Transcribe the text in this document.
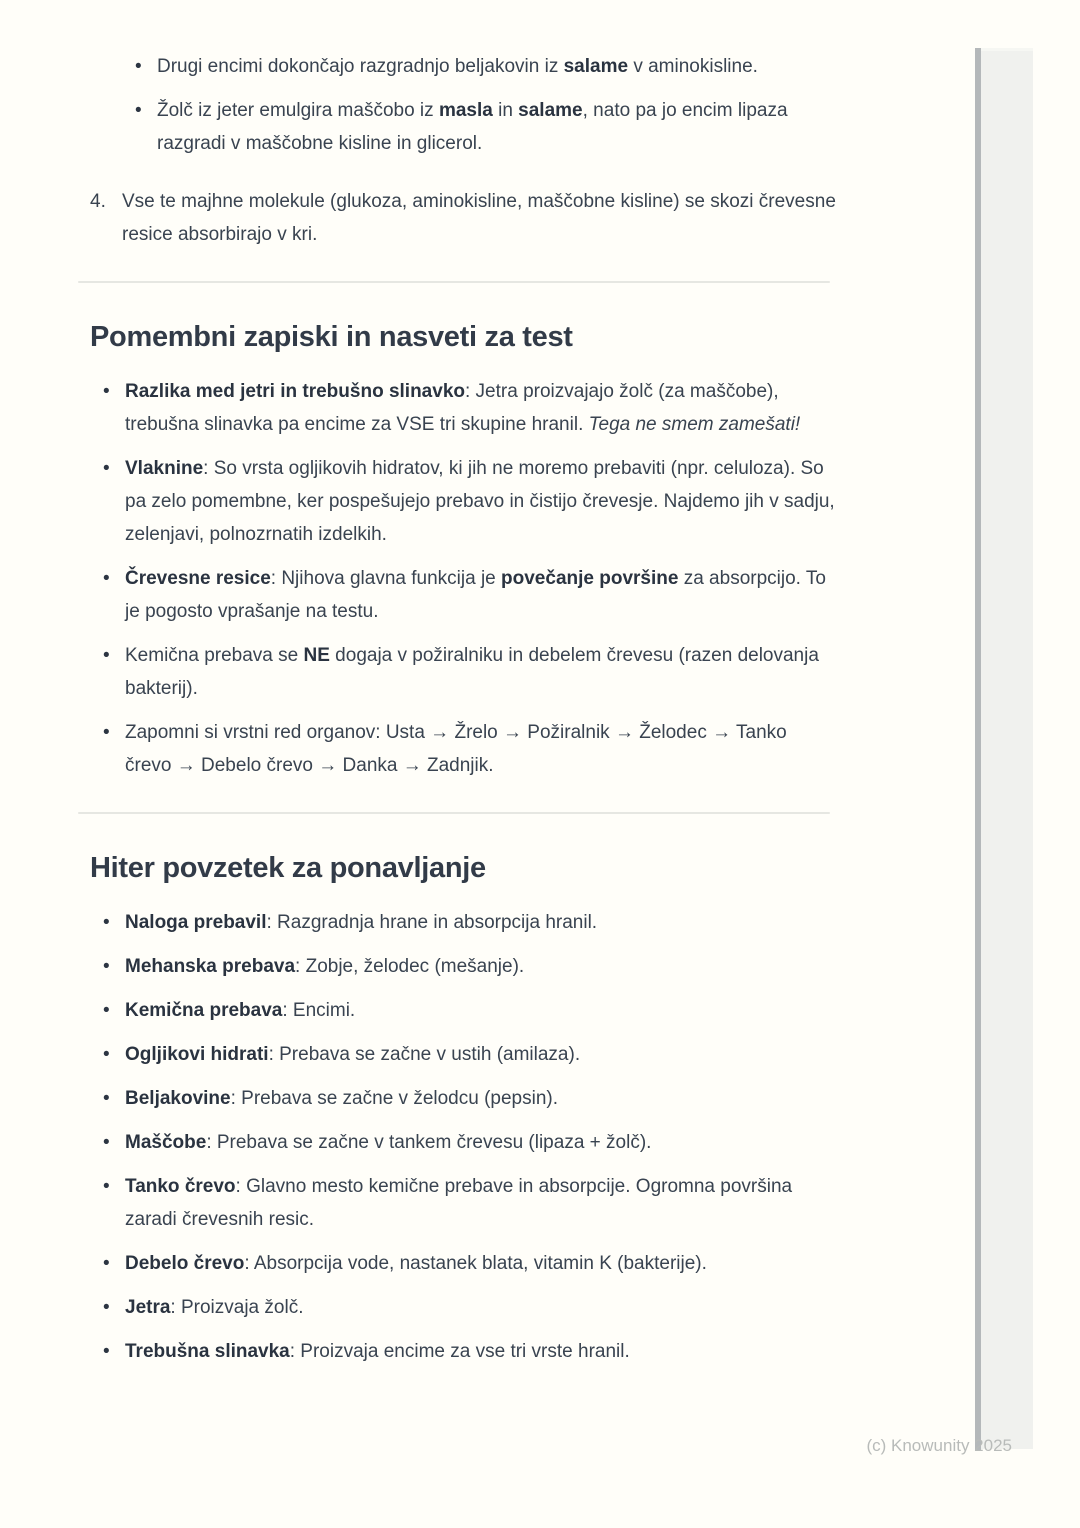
• Drugi encimi dokončajo razgradnjo beljakovin iz salame v aminokisline.
• Žolč iz jeter emulgira maščobo iz masla in salame, nato pa jo encim lipaza razgradi v maščobne kisline in glicerol.
4. Vse te majhne molekule (glukoza, aminokisline, maščobne kisline) se skozi črevesne resice absorbirajo v kri.
Pomembni zapiski in nasveti za test
• Razlika med jetri in trebušno slinavko: Jetra proizvajajo žolč (za maščobe), trebušna slinavka pa encime za VSE tri skupine hranil. Tega ne smem zamešati!
• Vlaknine: So vrsta ogljikovih hidratov, ki jih ne moremo prebaviti (npr. celuloza). So pa zelo pomembne, ker pospešujejo prebavo in čistijo črevesje. Najdemo jih v sadju, zelenjavi, polnozrnatih izdelkih.
• Črevesne resice: Njihova glavna funkcija je povečanje površine za absorpcijo. To je pogosto vprašanje na testu.
• Kemična prebava se NE dogaja v požiralniku in debelem črevesu (razen delovanja bakterij).
• Zapomni si vrstni red organov: Usta → Žrelo → Požiralnik → Želodec → Tanko črevo → Debelo črevo → Danka → Zadnjik.
Hiter povzetek za ponavljanje
• Naloga prebavil: Razgradnja hrane in absorpcija hranil.
• Mehanska prebava: Zobje, želodec (mešanje).
• Kemična prebava: Encimi.
• Ogljikovi hidrati: Prebava se začne v ustih (amilaza).
• Beljakovine: Prebava se začne v želodcu (pepsin).
• Maščobe: Prebava se začne v tankem črevesu (lipaza + žolč).
• Tanko črevo: Glavno mesto kemične prebave in absorpcije. Ogromna površina zaradi črevesnih resic.
• Debelo črevo: Absorpcija vode, nastanek blata, vitamin K (bakterije).
• Jetra: Proizvaja žolč.
• Trebušna slinavka: Proizvaja encime za vse tri vrste hranil.
(c) Knowunity 2025
